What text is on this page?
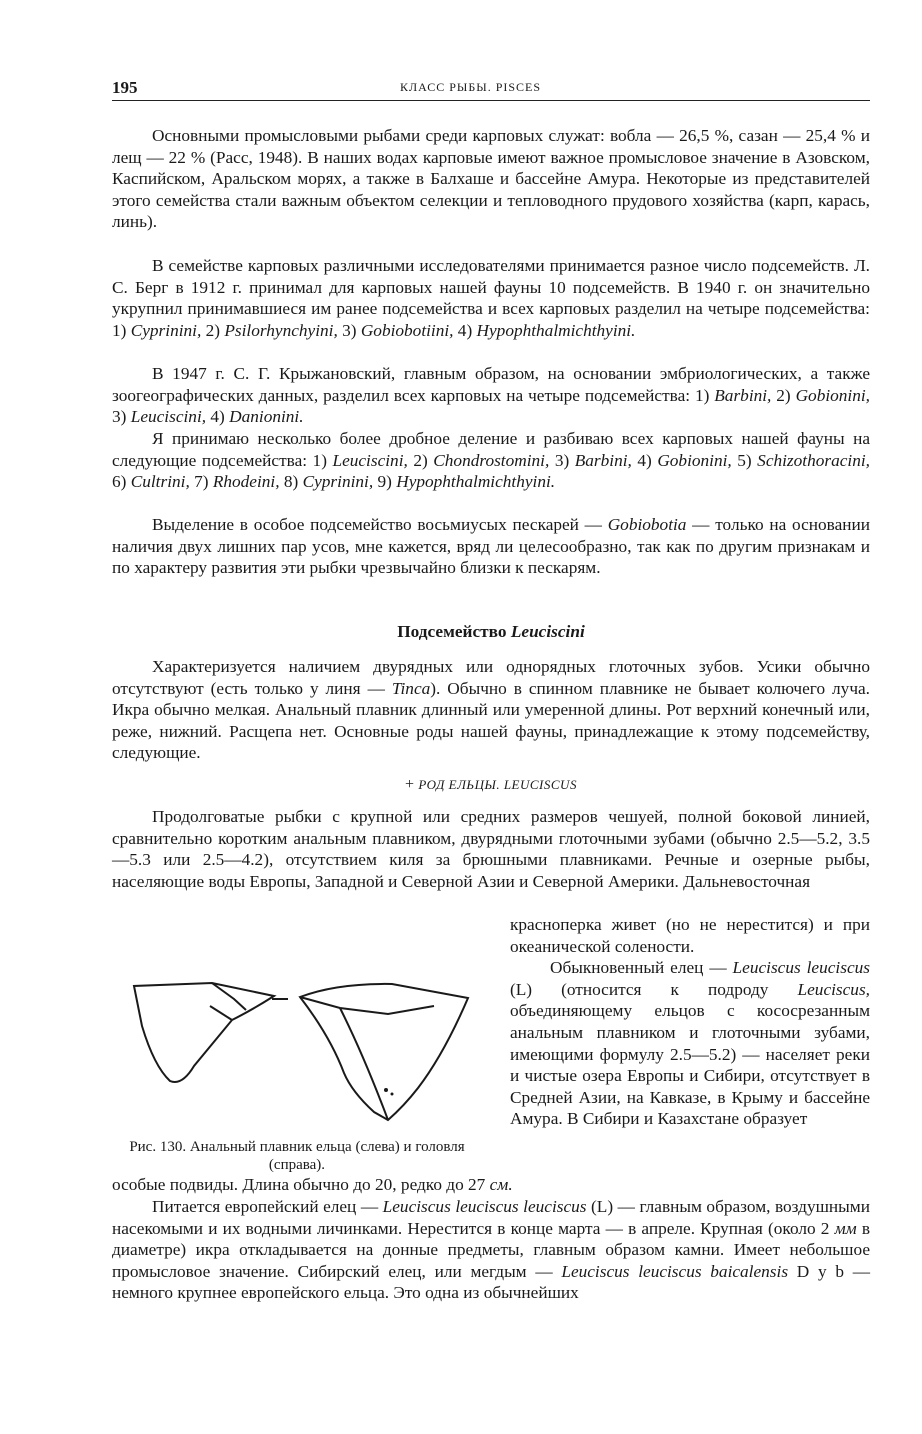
195	КЛАСС РЫБЫ. PISCES

Основными промысловыми рыбами среди карповых служат: вобла — 26,5 %, сазан — 25,4 % и лещ — 22 % (Расс, 1948). В наших водах карповые имеют важное промысловое значение в Азовском, Каспийском, Аральском морях, а также в Балхаше и бассейне Амура. Некоторые из представителей этого семейства стали важным объектом селекции и тепловодного прудового хозяйства (карп, карась, линь).

В семействе карповых различными исследователями принимается разное число подсемейств. Л. С. Берг в 1912 г. принимал для карповых нашей фауны 10 подсемейств. В 1940 г. он значительно укрупнил принимавшиеся им ранее подсемейства и всех карповых разделил на четыре подсемейства: 1) Cyprinini, 2) Psilorhynchyini, 3) Gobiobotiini, 4) Hypophthalmichthyini.

В 1947 г. С. Г. Крыжановский, главным образом, на основании эмбриологических, а также зоогеографических данных, разделил всех карповых на четыре подсемейства: 1) Barbini, 2) Gobionini, 3) Leuciscini, 4) Danionini.

Я принимаю несколько более дробное деление и разбиваю всех карповых нашей фауны на следующие подсемейства: 1) Leuciscini, 2) Chondrostomini, 3) Barbini, 4) Gobionini, 5) Schizothoracini, 6) Cultrini, 7) Rhodeini, 8) Cyprinini, 9) Hypophthalmichthyini.

Выделение в особое подсемейство восьмиусых пескарей — Gobiobotia — только на основании наличия двух лишних пар усов, мне кажется, вряд ли целесообразно, так как по другим признакам и по характеру развития эти рыбки чрезвычайно близки к пескарям.

Подсемейство Leuciscini

Характеризуется наличием двурядных или однорядных глоточных зубов. Усики обычно отсутствуют (есть только у линя — Tinca). Обычно в спинном плавнике не бывает колючего луча. Икра обычно мелкая. Анальный плавник длинный или умеренной длины. Рот верхний конечный или, реже, нижний. Расщепа нет. Основные роды нашей фауны, принадлежащие к этому подсемейству, следующие.

+ РОД ЕЛЬЦЫ. LEUCISCUS

Продолговатые рыбки с крупной или средних размеров чешуей, полной боковой линией, сравнительно коротким анальным плавником, двурядными глоточными зубами (обычно 2.5—5.2, 3.5—5.3 или 2.5—4.2), отсутствием киля за брюшными плавниками. Речные и озерные рыбы, населяющие воды Европы, Западной и Северной Азии и Северной Америки. Дальневосточная

красноперка живет (но не нерестится) и при океанической солености.

Обыкновенный елец — Leuciscus leuciscus (L) (относится к подроду Leuciscus, объединяющему ельцов с кососрезанным анальным плавником и глоточными зубами, имеющими формулу 2.5—5.2) — населяет реки и чистые озера Европы и Сибири, отсутствует в Средней Азии, на Кавказе, в Крыму и бассейне Амура. В Сибири и Казахстане образует

Рис. 130. Анальный плавник ельца (слева) и головля (справа).

особые подвиды. Длина обычно до 20, редко до 27 см.

Питается европейский елец — Leuciscus leuciscus leuciscus (L) — главным образом, воздушными насекомыми и их водными личинками. Нерестится в конце марта — в апреле. Крупная (около 2 мм в диаметре) икра откладывается на донные предметы, главным образом камни. Имеет небольшое промысловое значение. Сибирский елец, или мегдым — Leuciscus leuciscus baicalensis D y b — немного крупнее европейского ельца. Это одна из обычнейших
